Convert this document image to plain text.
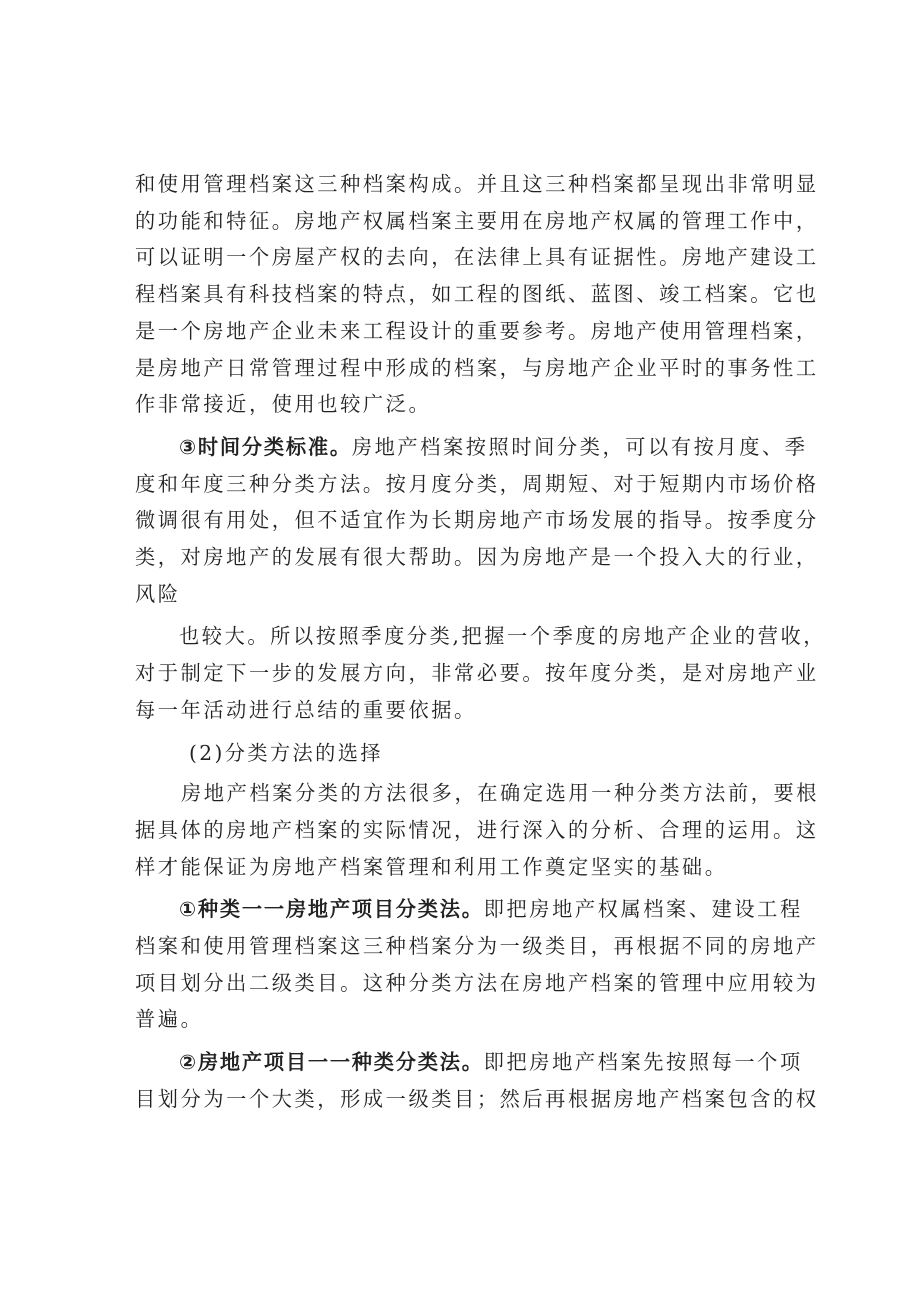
和使用管理档案这三种档案构成。并且这三种档案都呈现出非常明显
的功能和特征。房地产权属档案主要用在房地产权属的管理工作中，
可以证明一个房屋产权的去向，在法律上具有证据性。房地产建设工
程档案具有科技档案的特点，如工程的图纸、蓝图、竣工档案。它也
是一个房地产企业未来工程设计的重要参考。房地产使用管理档案，
是房地产日常管理过程中形成的档案，与房地产企业平时的事务性工
作非常接近，使用也较广泛。
③时间分类标准。房地产档案按照时间分类，可以有按月度、季
度和年度三种分类方法。按月度分类，周期短、对于短期内市场价格
微调很有用处，但不适宜作为长期房地产市场发展的指导。按季度分
类，对房地产的发展有很大帮助。因为房地产是一个投入大的行业，
风险
也较大。所以按照季度分类,把握一个季度的房地产企业的营收，
对于制定下一步的发展方向，非常必要。按年度分类，是对房地产业
每一年活动进行总结的重要依据。
(2)分类方法的选择
房地产档案分类的方法很多，在确定选用一种分类方法前，要根
据具体的房地产档案的实际情况，进行深入的分析、合理的运用。这
样才能保证为房地产档案管理和利用工作奠定坚实的基础。
①种类一一房地产项目分类法。即把房地产权属档案、建设工程
档案和使用管理档案这三种档案分为一级类目，再根据不同的房地产
项目划分出二级类目。这种分类方法在房地产档案的管理中应用较为
普遍。
②房地产项目一一种类分类法。即把房地产档案先按照每一个项
目划分为一个大类，形成一级类目；然后再根据房地产档案包含的权
